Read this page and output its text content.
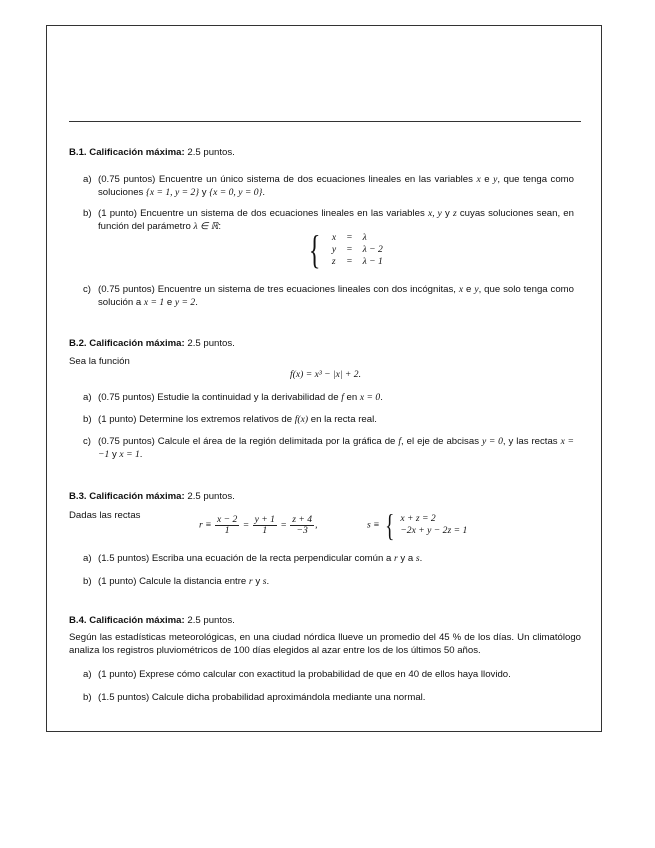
B.1. Calificación máxima: 2.5 puntos.
a) (0.75 puntos) Encuentre un único sistema de dos ecuaciones lineales en las variables x e y, que tenga como soluciones {x = 1, y = 2} y {x = 0, y = 0}.
b) (1 punto) Encuentre un sistema de dos ecuaciones lineales en las variables x, y y z cuyas soluciones sean, en función del parámetro λ ∈ ℝ:
{ x	=	λ
y	=	λ − 2
z	=	λ − 1
c) (0.75 puntos) Encuentre un sistema de tres ecuaciones lineales con dos incógnitas, x e y, que solo tenga como solución a x = 1 e y = 2.
B.2. Calificación máxima: 2.5 puntos.
Sea la función
f(x) = x³ − |x| + 2.
a) (0.75 puntos) Estudie la continuidad y la derivabilidad de f en x = 0.
b) (1 punto) Determine los extremos relativos de f(x) en la recta real.
c) (0.75 puntos) Calcule el área de la región delimitada por la gráfica de f, el eje de abcisas y = 0, y las rectas x = −1 y x = 1.
B.3. Calificación máxima: 2.5 puntos.
Dadas las rectas
$r \equiv \frac{x - 2}{1} = \frac{y + 1}{1} = \frac{z + 4}{-3}$ ,	s ≡ { x + z = 2
−2x + y − 2z = 1
a) (1.5 puntos) Escriba una ecuación de la recta perpendicular común a r y a s.
b) (1 punto) Calcule la distancia entre r y s.
B.4. Calificación máxima: 2.5 puntos.
Según las estadísticas meteorológicas, en una ciudad nórdica llueve un promedio del 45 % de los días. Un climatólogo analiza los registros pluviométricos de 100 días elegidos al azar entre los de los últimos 50 años.
a) (1 punto) Exprese cómo calcular con exactitud la probabilidad de que en 40 de ellos haya llovido.
b) (1.5 puntos) Calcule dicha probabilidad aproximándola mediante una normal.
